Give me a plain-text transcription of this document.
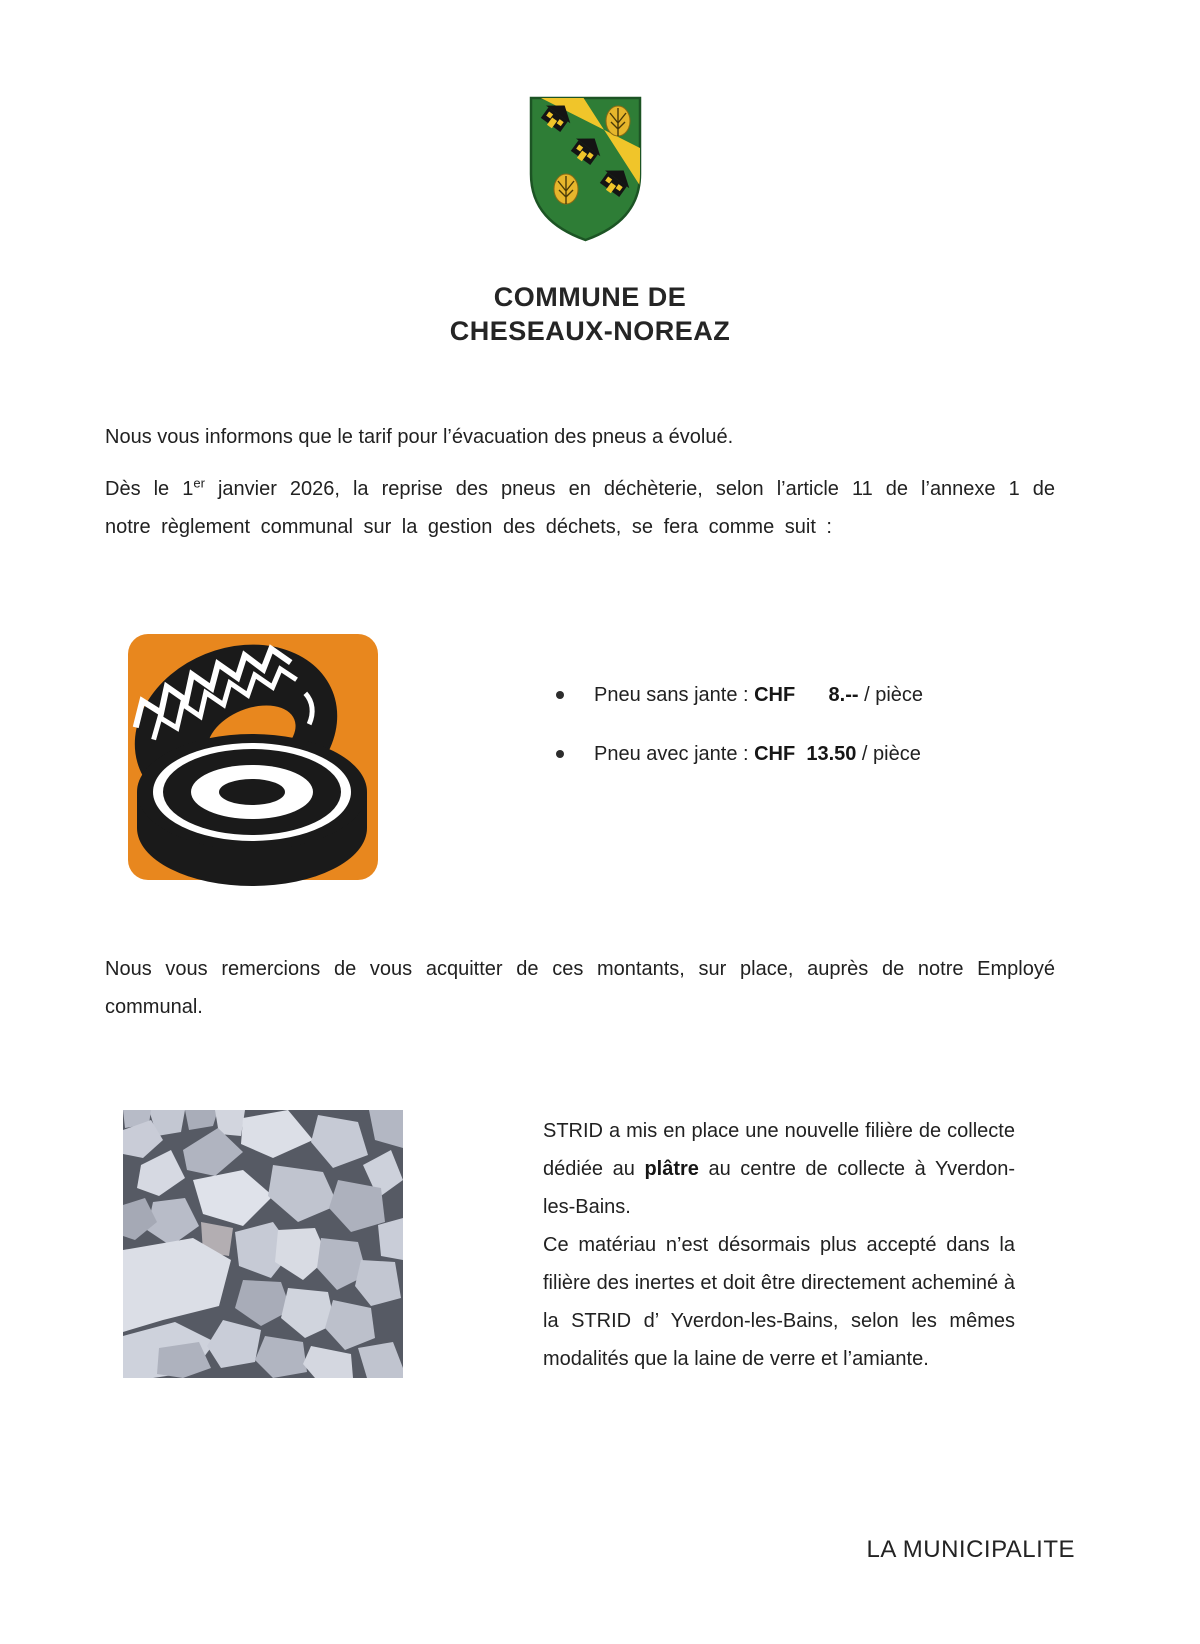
COMMUNE DE
CHESEAUX-NOREAZ
Nous vous informons que le tarif pour l’évacuation des pneus a évolué.
Dès le 1er janvier 2026, la reprise des pneus en déchèterie, selon l’article 11 de l’annexe 1 de notre règlement communal sur la gestion des déchets, se fera comme suit :
Pneu sans jante : CHF      8.-- / pièce
Pneu avec jante : CHF  13.50 / pièce
Nous vous remercions de vous acquitter de ces montants, sur place, auprès de notre Employé communal.

STRID a mis en place une nouvelle filière de collecte dédiée au plâtre au centre de collecte à Yverdon-les-Bains.

Ce matériau n’est désormais plus accepté dans la filière des inertes et doit être directement acheminé à la STRID d’ Yverdon-les-Bains, selon les mêmes modalités que la laine de verre et l’amiante.

LA MUNICIPALITE
